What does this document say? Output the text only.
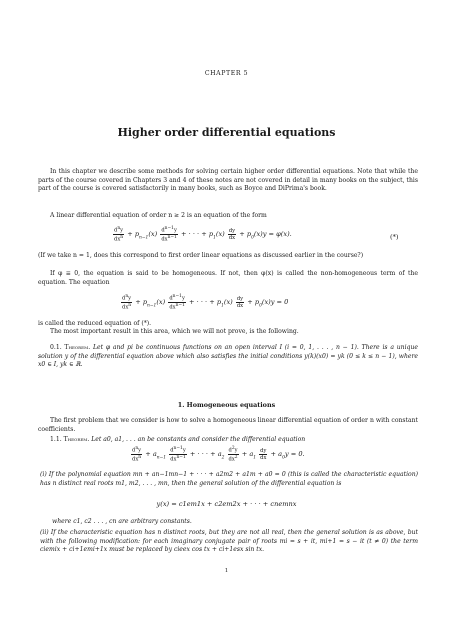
CHAPTER 5
Higher order differential equations
In this chapter we describe some methods for solving certain higher order differential equations. Note that while the parts of the course covered in Chapters 3 and 4 of these notes are not covered in detail in many books on the subject, this part of the course is covered satisfactorily in many books, such as Boyce and DiPrima's book.
A linear differential equation of order n ≥ 2 is an equation of the form
$\frac{d^ny}{dx^n} + p_{n-1}(x) \frac{d^{n-1}y}{dx^{n-1}}$ + · · · + $p_1(x) \frac{dy}{dx} + p_0(x)y = \varphi(x)$.	(*)
(If we take n = 1, does this correspond to first order linear equations as discussed earlier in the course?)
If φ ≡ 0, the equation is said to be homogeneous. If not, then φ(x) is called the non-homogeneous term of the equation. The equation
$\frac{d^ny}{dx^n} + p_{n-1}(x) \frac{d^{n-1}y}{dx^{n-1}}$ + · · · + $p_1(x) \frac{dy}{dx} + p_0(x)y = 0$
is called the reduced equation of (*).
The most important result in this area, which we will not prove, is the following.
0.1. Theorem. Let φ and pi be continuous functions on an open interval I (i = 0, 1, . . . , n − 1). There is a unique solution y of the differential equation above which also satisfies the initial conditions y(k)(x0) = yk (0 ≤ k ≤ n − 1), where x0 ∈ I, yk ∈ ℝ.
1. Homogeneous equations
The first problem that we consider is how to solve a homogeneous linear differential equation of order n with constant coefficients.
1.1. Theorem. Let a0, a1, . . . an be constants and consider the differential equation
$\frac{d^ny}{dx^n} + a_{n-1} \frac{d^{n-1}y}{dx^{n-1}}$ + · · · + $a_2 \frac{d^2y}{dx^2} + a_1 \frac{dy}{dx} + a_0y = 0$.
(i) If the polynomial equation mn + an−1mn−1 + · · · + a2m2 + a1m + a0 = 0 (this is called the characteristic equation) has n distinct real roots m1, m2, . . . , mn, then the general solution of the differential equation is
y(x) = c1em1x + c2em2x + · · · + cnemnx
where c1, c2 . . . , cn are arbitrary constants.
(ii) If the characteristic equation has n distinct roots, but they are not all real, then the general solution is as above, but with the following modification: for each imaginary conjugate pair of roots mi = s + it, mi+1 = s − it (t ≠ 0) the term ciemix + ci+1emi+1x must be replaced by cieex cos tx + ci+1esx sin tx.
1
